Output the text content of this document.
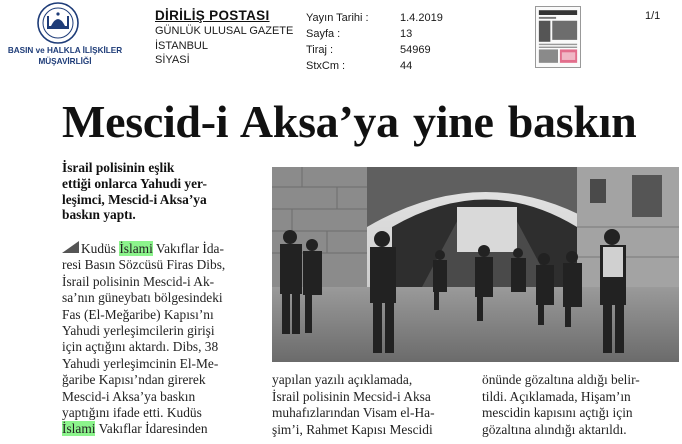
BASIN ve HALKLA İLİŞKİLER
MÜŞAVİRLİĞİ
DİRİLİŞ POSTASI
GÜNLÜK ULUSAL GAZETE
İSTANBUL
SİYASİ
Yayın Tarihi :	1.4.2019
Sayfa :	13
Tiraj :	54969
StxCm :	44
1/1
Mescid-i Aksa’ya yine baskın
İsrail polisinin eşlik
ettiği onlarca Yahudi yer-
leşimci, Mescid-i Aksa’ya
baskın yaptı.
Kudüs İslami Vakıflar İda-
resi Basın Sözcüsü Firas Dibs,
İsrail polisinin Mescid-i Ak-
sa’nın güneybatı bölgesindeki
Fas (El-Meğaribe) Kapısı’nı
Yahudi yerleşimcilerin girişi
için açtığını aktardı. Dibs, 38
Yahudi yerleşimcinin El-Me-
ğaribe Kapısı’ndan girerek
Mescid-i Aksa’ya baskın
yaptığını ifade etti. Kudüs
İslami Vakıflar İdaresinden
yapılan yazılı açıklamada,
İsrail polisinin Mecsid-i Aksa
muhafızlarından Visam el-Ha-
şim’i, Rahmet Kapısı Mescidi
önünde gözaltına aldığı belir-
tildi. Açıklamada, Hişam’ın
mescidin kapısını açtığı için
gözaltına alındığı aktarıldı.
